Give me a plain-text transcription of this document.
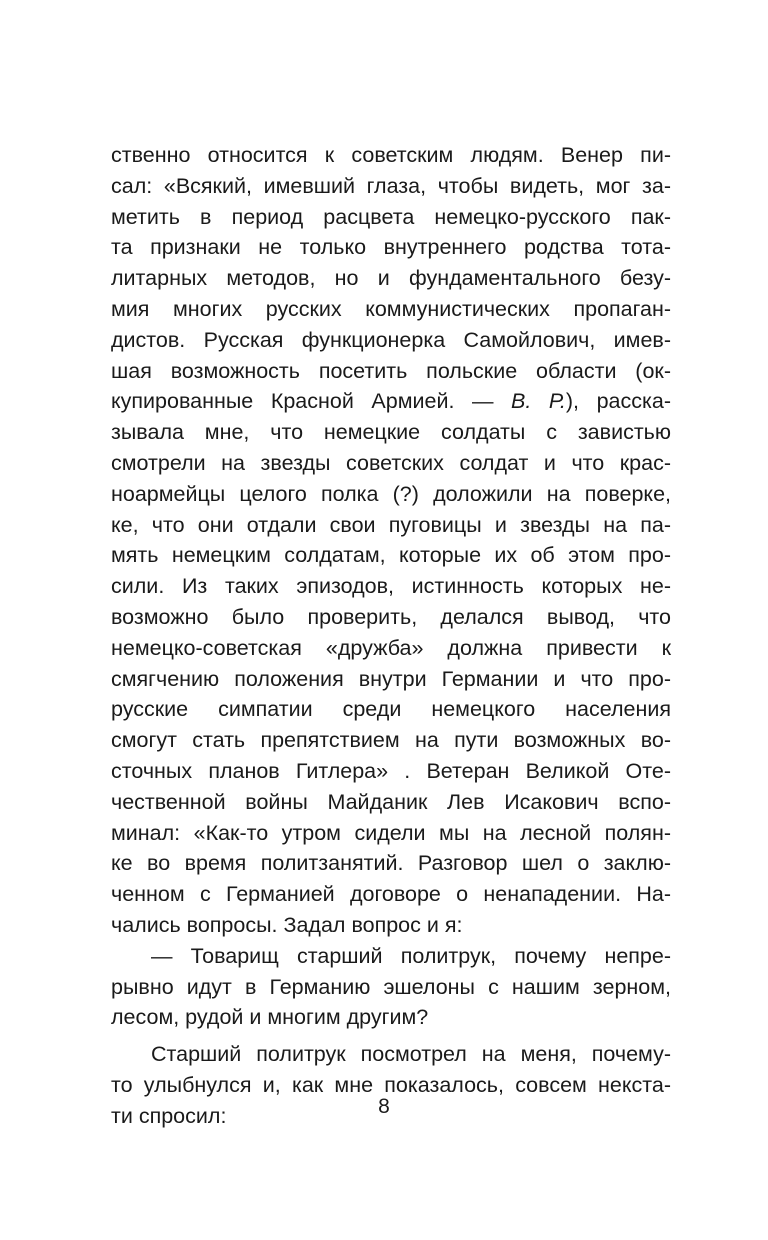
ственно относится к советским людям. Венер пи-
сал: «Всякий, имевший глаза, чтобы видеть, мог за-
метить в период расцвета немецко-русского пак-
та признаки не только внутреннего родства тота-
литарных методов, но и фундаментального безу-
мия многих русских коммунистических пропаган-
дистов. Русская функционерка Самойлович, имев-
шая возможность посетить польские области (ок-
купированные Красной Армией. — В. Р.), расска-
зывала мне, что немецкие солдаты с завистью
смотрели на звезды советских солдат и что крас-
ноармейцы целого полка (?) доложили на поверке,
ке, что они отдали свои пуговицы и звезды на па-
мять немецким солдатам, которые их об этом про-
сили. Из таких эпизодов, истинность которых не-
возможно было проверить, делался вывод, что
немецко-советская «дружба» должна привести к
смягчению положения внутри Германии и что про-
русские симпатии среди немецкого населения
смогут стать препятствием на пути возможных во-
сточных планов Гитлера» . Ветеран Великой Оте-
чественной войны Майданик Лев Исакович вспо-
минал: «Как-то утром сидели мы на лесной полян-
ке во время политзанятий. Разговор шел о заклю-
ченном с Германией договоре о ненападении. На-
чались вопросы. Задал вопрос и я:
— Товарищ старший политрук, почему непре-
рывно идут в Германию эшелоны с нашим зерном,
лесом, рудой и многим другим?
Старший политрук посмотрел на меня, почему-
то улыбнулся и, как мне показалось, совсем некста-
ти спросил:	8
